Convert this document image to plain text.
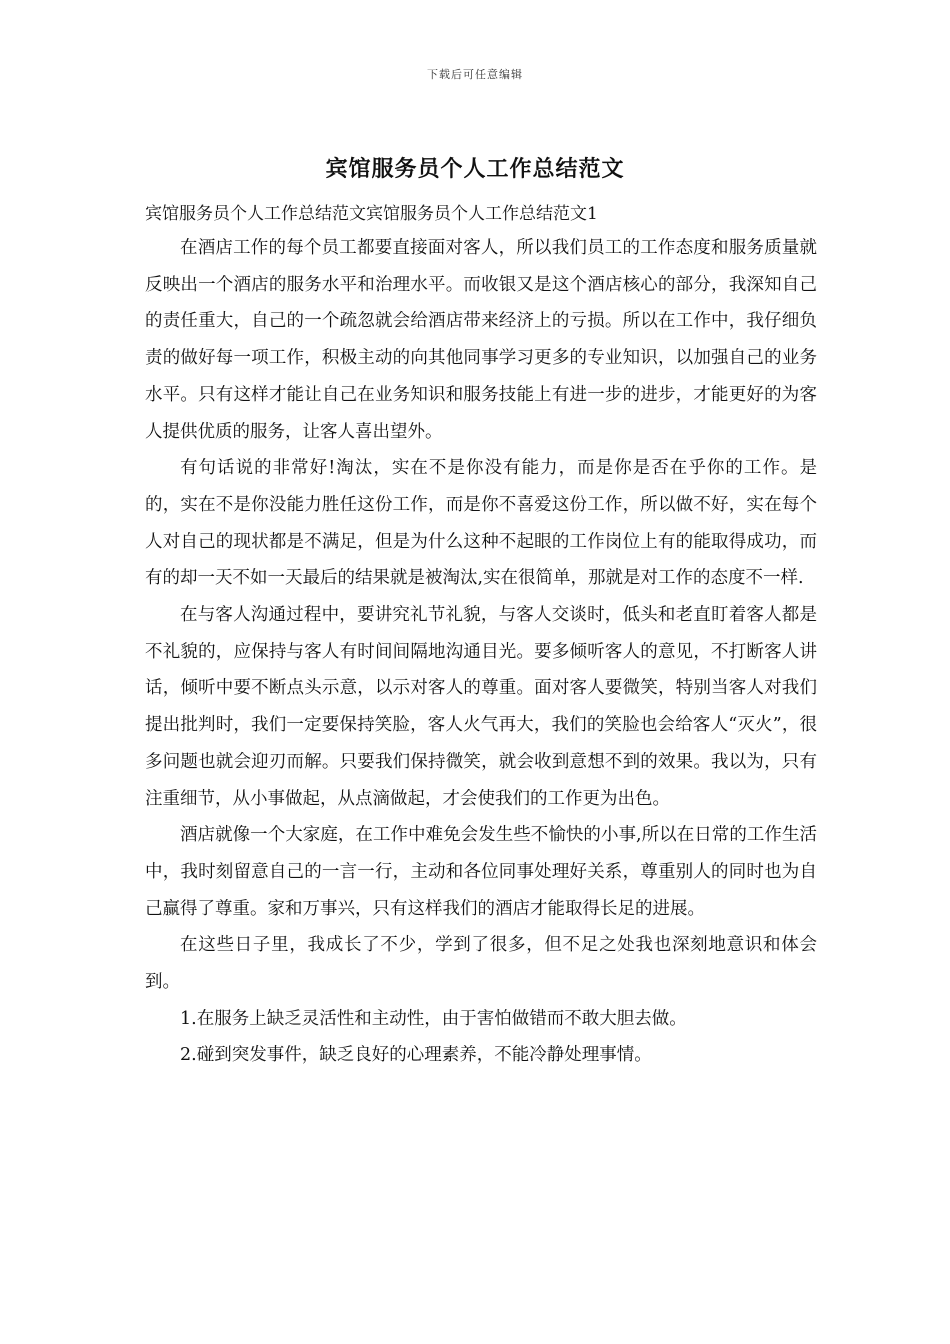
下载后可任意编辑
宾馆服务员个人工作总结范文

宾馆服务员个人工作总结范文宾馆服务员个人工作总结范文1

在酒店工作的每个员工都要直接面对客人，所以我们员工的工作态度和服务质量就反映出一个酒店的服务水平和治理水平。而收银又是这个酒店核心的部分，我深知自己的责任重大，自己的一个疏忽就会给酒店带来经济上的亏损。所以在工作中，我仔细负责的做好每一项工作，积极主动的向其他同事学习更多的专业知识，以加强自己的业务水平。只有这样才能让自己在业务知识和服务技能上有进一步的进步，才能更好的为客人提供优质的服务，让客人喜出望外。

有句话说的非常好!淘汰，实在不是你没有能力，而是你是否在乎你的工作。是的，实在不是你没能力胜任这份工作，而是你不喜爱这份工作，所以做不好，实在每个人对自己的现状都是不满足，但是为什么这种不起眼的工作岗位上有的能取得成功，而有的却一天不如一天最后的结果就是被淘汰,实在很简单，那就是对工作的态度不一样.

在与客人沟通过程中，要讲究礼节礼貌，与客人交谈时，低头和老直盯着客人都是不礼貌的，应保持与客人有时间间隔地沟通目光。要多倾听客人的意见，不打断客人讲话，倾听中要不断点头示意，以示对客人的尊重。面对客人要微笑，特别当客人对我们提出批判时，我们一定要保持笑脸，客人火气再大，我们的笑脸也会给客人“灭火”，很多问题也就会迎刃而解。只要我们保持微笑，就会收到意想不到的效果。我以为，只有注重细节，从小事做起，从点滴做起，才会使我们的工作更为出色。

酒店就像一个大家庭，在工作中难免会发生些不愉快的小事,所以在日常的工作生活中，我时刻留意自己的一言一行，主动和各位同事处理好关系，尊重别人的同时也为自己赢得了尊重。家和万事兴，只有这样我们的酒店才能取得长足的进展。

在这些日子里，我成长了不少，学到了很多，但不足之处我也深刻地意识和体会到。

1.在服务上缺乏灵活性和主动性，由于害怕做错而不敢大胆去做。

2.碰到突发事件，缺乏良好的心理素养，不能冷静处理事情。
